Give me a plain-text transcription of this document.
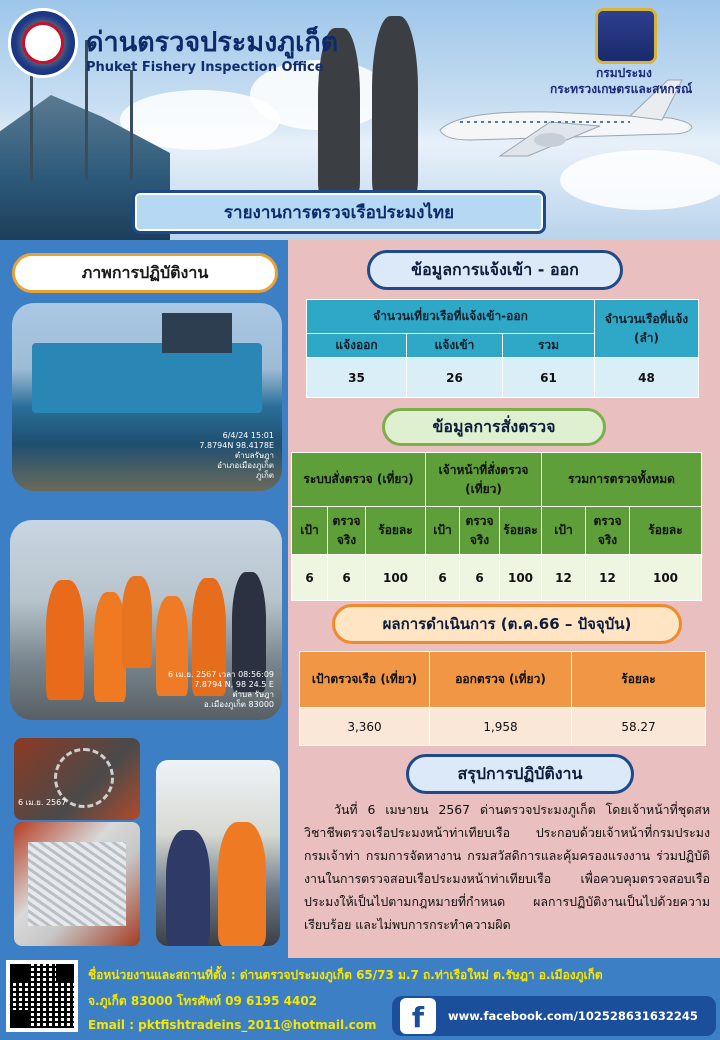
ด่านตรวจประมงภูเก็ต
Phuket Fishery Inspection Office	กรมประมง
กระทรวงเกษตรและสหกรณ์
รายงานการตรวจเรือประมงไทย
ภาพการปฏิบัติงาน
6/4/24 15:01
7.8794N 98.4178E
ตำบลรัษฎา
อำเภอเมืองภูเก็ต
ภูเก็ต
6 เม.ย. 2567 เวลา 08:56:09
7.8794 N, 98 24.5 E
ตำบล รัษฎา
อ.เมืองภูเก็ต 83000
6 เม.ย. 2567
ข้อมูลการแจ้งเข้า - ออก
จำนวนเที่ยวเรือที่แจ้งเข้า-ออก			จำนวนเรือที่แจ้ง (ลำ)
แจ้งออก	แจ้งเข้า	รวม	
35	26	61	48
ข้อมูลการสั่งตรวจ
ระบบสั่งตรวจ (เที่ยว)			เจ้าหน้าที่สั่งตรวจ (เที่ยว)			รวมการตรวจทั้งหมด		
เป้า	ตรวจจริง	ร้อยละ	เป้า	ตรวจจริง	ร้อยละ	เป้า	ตรวจจริง	ร้อยละ
6	6	100	6	6	100	12	12	100
ผลการดำเนินการ (ต.ค.66 – ปัจจุบัน)
เป้าตรวจเรือ (เที่ยว)	ออกตรวจ (เที่ยว)	ร้อยละ
3,360	1,958	58.27
สรุปการปฏิบัติงาน
วันที่ 6 เมษายน 2567 ด่านตรวจประมงภูเก็ต โดยเจ้าหน้าที่ชุดสหวิชาชีพตรวจเรือประมงหน้าท่าเทียบเรือ ประกอบด้วยเจ้าหน้าที่กรมประมง กรมเจ้าท่า กรมการจัดหางาน กรมสวัสดิการและคุ้มครองแรงงาน ร่วมปฏิบัติงานในการตรวจสอบเรือประมงหน้าท่าเทียบเรือ เพื่อควบคุมตรวจสอบเรือประมงให้เป็นไปตามกฎหมายที่กำหนด ผลการปฏิบัติงานเป็นไปด้วยความเรียบร้อย และไม่พบการกระทำความผิด
ชื่อหน่วยงานและสถานที่ตั้ง : ด่านตรวจประมงภูเก็ต 65/73 ม.7 ถ.ท่าเรือใหม่ ต.รัษฎา อ.เมืองภูเก็ต
จ.ภูเก็ต 83000 โทรศัพท์ 09 6195 4402
Email : pktfishtradeins_2011@hotmail.com	f	www.facebook.com/102528631632245
